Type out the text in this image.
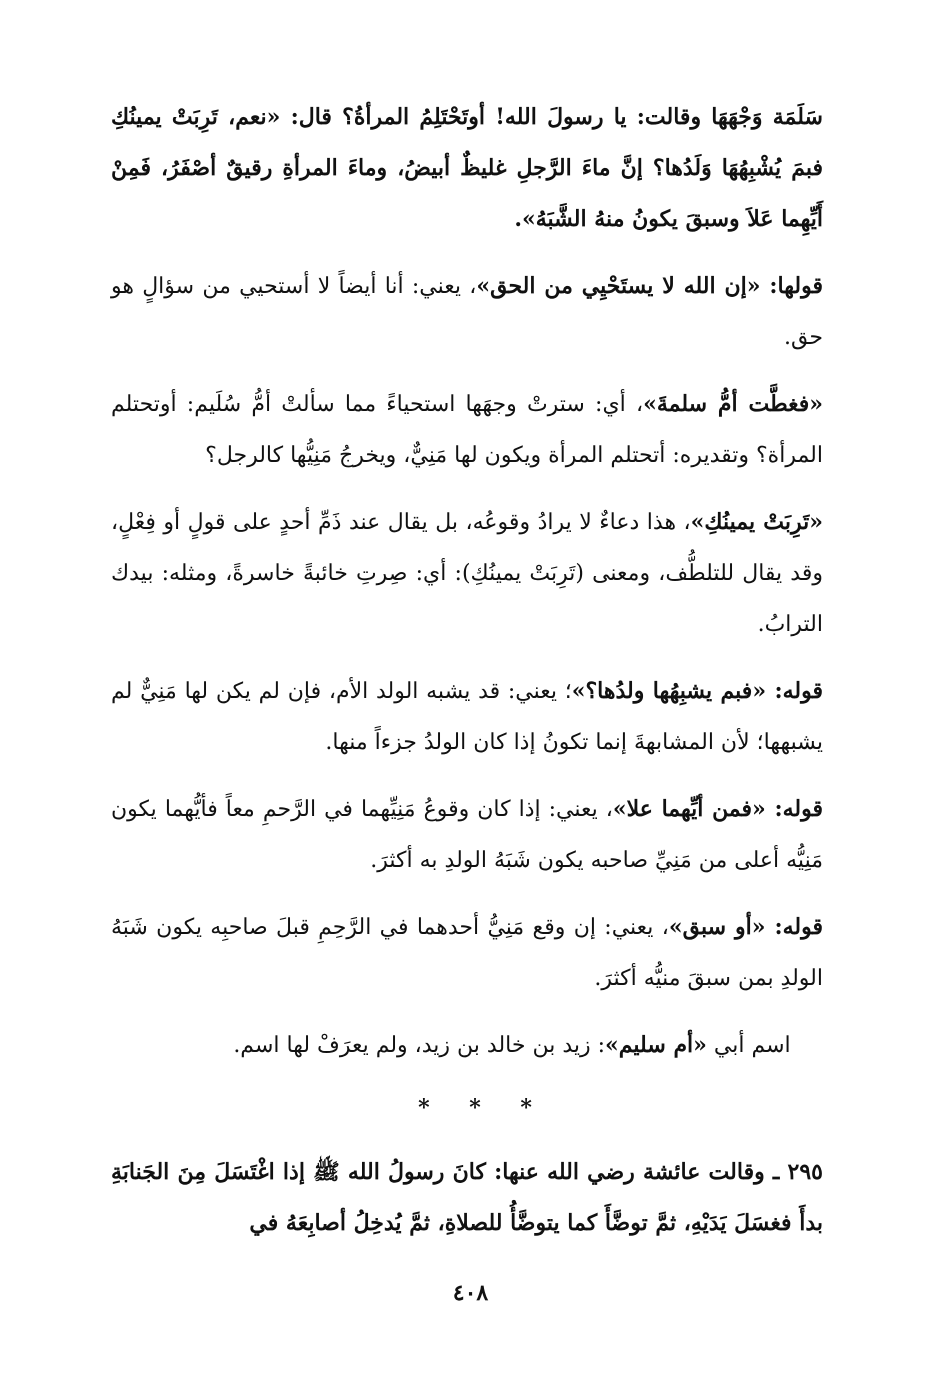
سَلَمَة وَجْهَهَا وقالت: يا رسولَ الله! أوتَحْتَلِمُ المرأةُ؟ قال: «نعم، تَرِبَتْ يمينُكِ فبمَ يُشْبِهُهَا وَلَدُها؟ إنَّ ماءَ الرَّجلِ غليظٌ أبيضُ، وماءَ المرأةِ رقيقٌ أصْفَرُ، فَمِنْ أَيِّهِما عَلاَ وسبقَ يكونُ منهُ الشَّبَهُ».

قولها: «إن الله لا يستَحْيِي من الحق»، يعني: أنا أيضاً لا أستحيي من سؤالٍ هو حق.

«فغطَّت أمُّ سلمةَ»، أي: سترتْ وجهَها استحياءً مما سألتْ أمُّ سُلَيم: أوتحتلم المرأة؟ وتقديره: أتحتلم المرأة ويكون لها مَنِيٌّ، ويخرجُ مَنِيُّها كالرجل؟

«تَرِبَتْ يمينُكِ»، هذا دعاءٌ لا يرادُ وقوعُه، بل يقال عند ذَمِّ أحدٍ على قولٍ أو فِعْلٍ، وقد يقال للتلطُّف، ومعنى (تَرِبَتْ يمينُكِ): أي: صِرتِ خائبةً خاسرةً، ومثله: بيدك الترابُ.

قوله: «فبم يشبِهُها ولدُها؟»؛ يعني: قد يشبه الولد الأم، فإن لم يكن لها مَنِيٌّ لم يشبهها؛ لأن المشابهةَ إنما تكونُ إذا كان الولدُ جزءاً منها.

قوله: «فمن أيِّهما علا»، يعني: إذا كان وقوعُ مَنِيِّهما في الرَّحمِ معاً فأيُّهما يكون مَنِيُّه أعلى من مَنِيِّ صاحبه يكون شَبَهُ الولدِ به أكثرَ.

قوله: «أو سبق»، يعني: إن وقع مَنِيُّ أحدهما في الرَّحِمِ قبلَ صاحبِه يكون شَبَهُ الولدِ بمن سبقَ منيُّه أكثرَ.

اسم أبي «أم سليم»: زيد بن خالد بن زيد، ولم يعرَفْ لها اسم.

* * *

٢٩٥ ـ وقالت عائشة رضي الله عنها: كانَ رسولُ الله ﷺ إذا اغْتَسَلَ مِنَ الجَنابَةِ بدأَ فغسَلَ يَدَيْهِ، ثمَّ توضَّأَ كما يتوضَّأُ للصلاةِ، ثمَّ يُدخِلُ أصابِعَهُ في

٤٠٨
